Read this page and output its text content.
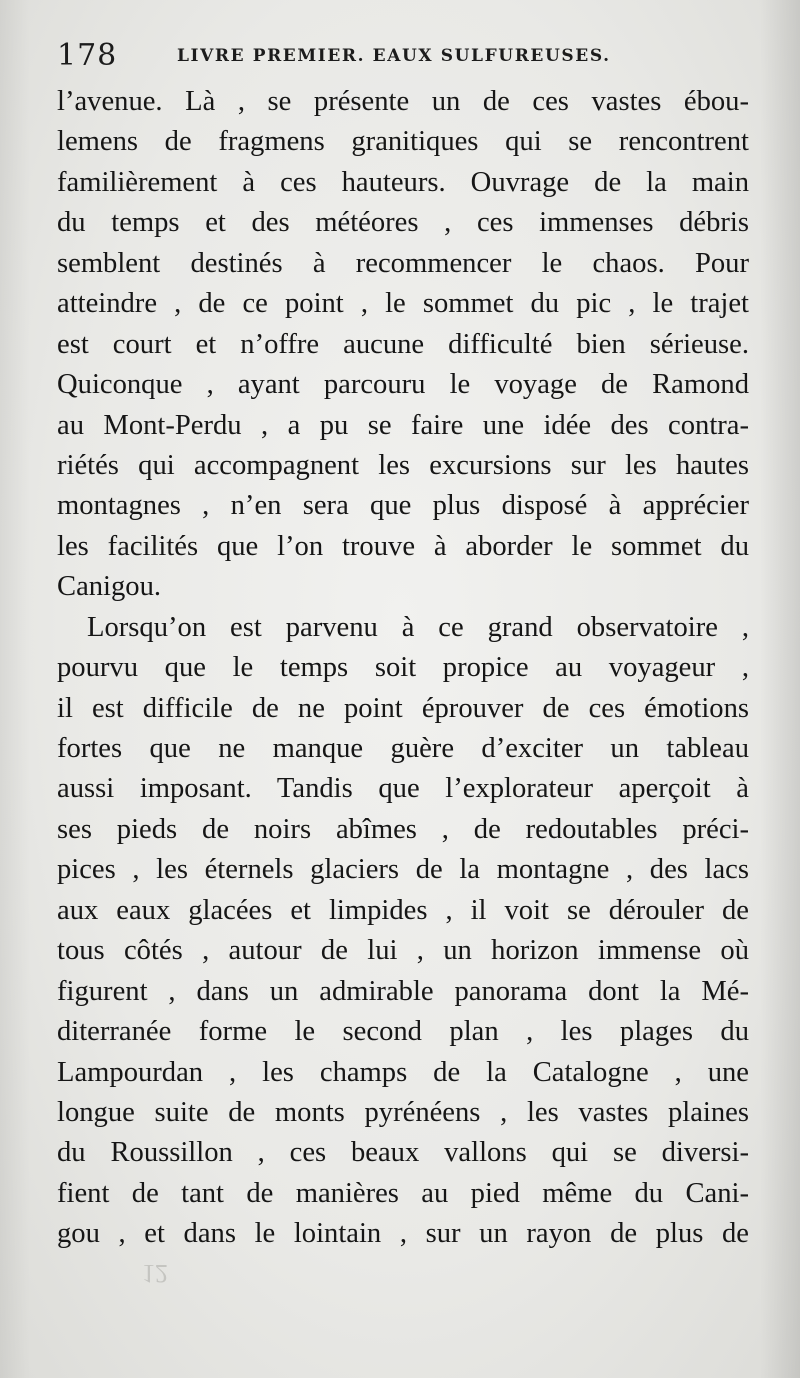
178	LIVRE PREMIER. EAUX SULFUREUSES.
l’avenue. Là , se présente un de ces vastes ébou-
lemens de fragmens granitiques qui se rencontrent
familièrement à ces hauteurs. Ouvrage de la main
du temps et des météores , ces immenses débris
semblent destinés à recommencer le chaos. Pour
atteindre , de ce point , le sommet du pic , le trajet
est court et n’offre aucune difficulté bien sérieuse.
Quiconque , ayant parcouru le voyage de Ramond
au Mont-Perdu , a pu se faire une idée des contra-
riétés qui accompagnent les excursions sur les hautes
montagnes , n’en sera que plus disposé à apprécier
les facilités que l’on trouve à aborder le sommet du
Canigou.
Lorsqu’on est parvenu à ce grand observatoire ,
pourvu que le temps soit propice au voyageur ,
il est difficile de ne point éprouver de ces émotions
fortes que ne manque guère d’exciter un tableau
aussi imposant. Tandis que l’explorateur aperçoit à
ses pieds de noirs abîmes , de redoutables préci-
pices , les éternels glaciers de la montagne , des lacs
aux eaux glacées et limpides , il voit se dérouler de
tous côtés , autour de lui , un horizon immense où
figurent , dans un admirable panorama dont la Mé-
diterranée forme le second plan , les plages du
Lampourdan , les champs de la Catalogne , une
longue suite de monts pyrénéens , les vastes plaines
du Roussillon , ces beaux vallons qui se diversi-
fient de tant de manières au pied même du Cani-
gou , et dans le lointain , sur un rayon de plus de
12
